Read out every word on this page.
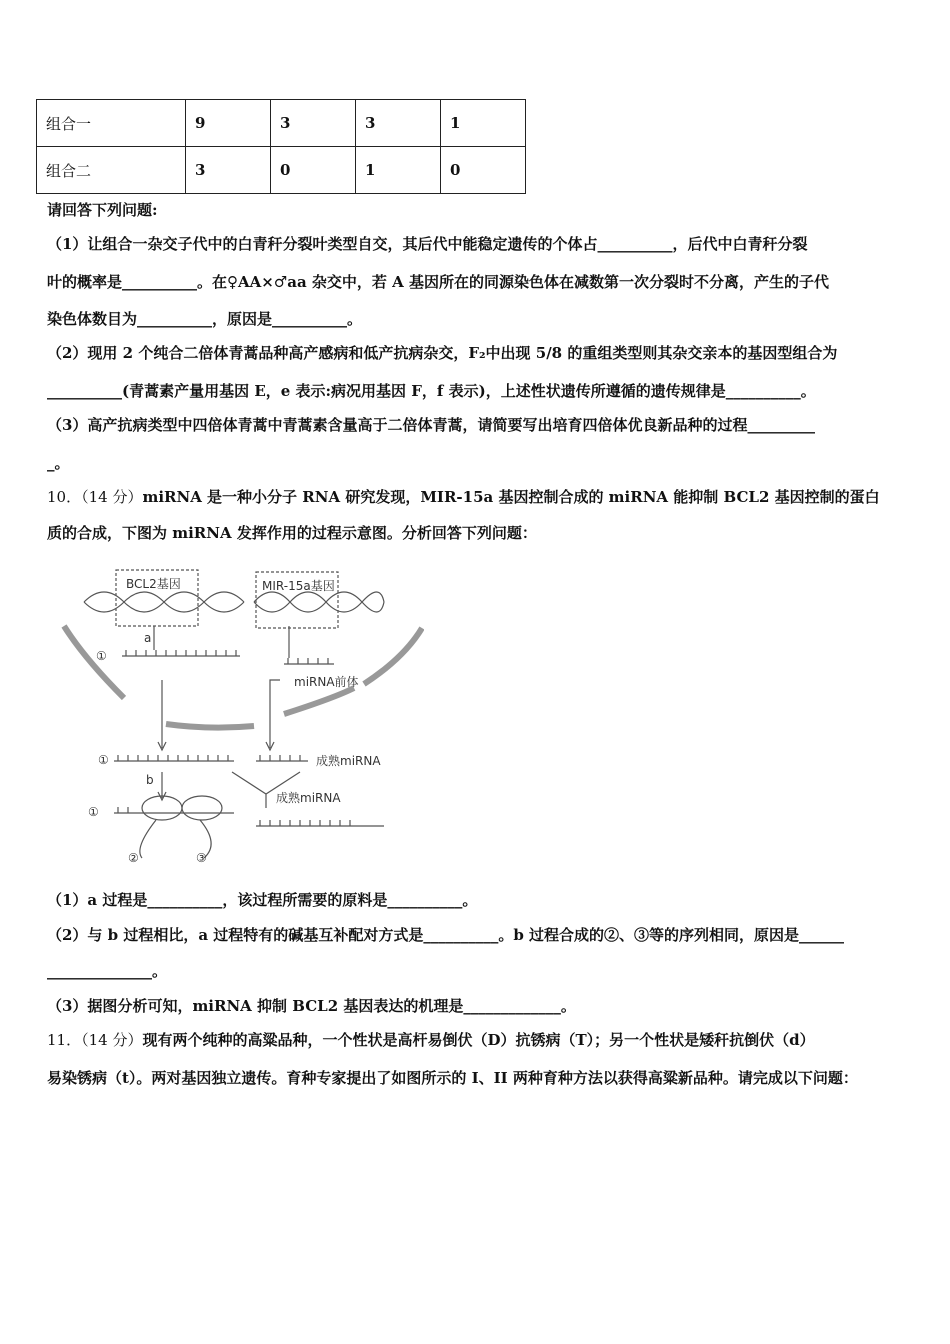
组合一	9	3	3	1
组合二	3	0	1	0
请回答下列问题:
（1）让组合一杂交子代中的白青秆分裂叶类型自交，其后代中能稳定遗传的个体占__________，后代中白青秆分裂
叶的概率是__________。在♀AA×♂aa 杂交中，若 A 基因所在的同源染色体在减数第一次分裂时不分离，产生的子代
染色体数目为__________，原因是__________。
（2）现用 2 个纯合二倍体青蒿品种高产感病和低产抗病杂交，F₂中出现 5/8 的重组类型则其杂交亲本的基因型组合为
__________(青蒿素产量用基因 E，e 表示:病况用基因 F，f 表示)，上述性状遗传所遵循的遗传规律是__________。
（3）高产抗病类型中四倍体青蒿中青蒿素含量高于二倍体青蒿，请简要写出培育四倍体优良新品种的过程_________
_。
10．（14 分）miRNA 是一种小分子 RNA 研究发现，MIR-15a 基因控制合成的 miRNA 能抑制 BCL2 基因控制的蛋白
质的合成，下图为 miRNA 发挥作用的过程示意图。分析回答下列问题：
BCL2基因	MIR-15a基因
a
①
miRNA前体
①	成熟miRNA
b
成熟miRNA
①
②	③
（1）a 过程是__________，该过程所需要的原料是__________。
（2）与 b 过程相比，a 过程特有的碱基互补配对方式是__________。b 过程合成的②、③等的序列相同，原因是______
______________。
（3）据图分析可知，miRNA 抑制 BCL2 基因表达的机理是_____________。
11．（14 分）现有两个纯种的高粱品种，一个性状是高杆易倒伏（D）抗锈病（T）；另一个性状是矮秆抗倒伏（d）
易染锈病（t）。两对基因独立遗传。育种专家提出了如图所示的 I、II 两种育种方法以获得高粱新品种。请完成以下问题：
